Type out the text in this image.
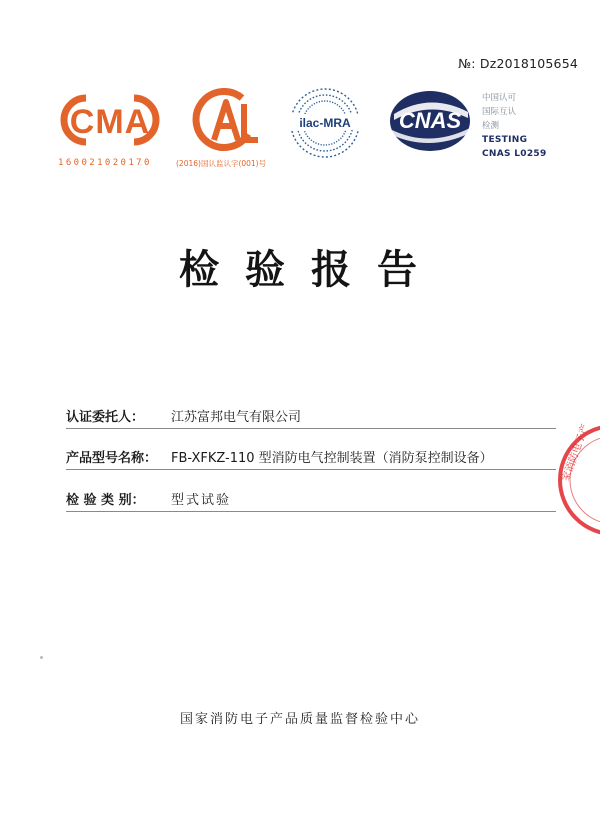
№: Dz2018105654
CMA
160021020170
CAL
(2016)国认监认字(001)号
ilac-MRA CNAS
中国认可
国际互认
检测
TESTING
CNAS L0259
检验报告
认证委托人： 江苏富邦电气有限公司
产品型号名称： FB-XFKZ-110 型消防电气控制装置（消防泵控制设备）
检 验 类 别： 型式试验
家消防电子产
国家消防电子产品质量监督检验中心
